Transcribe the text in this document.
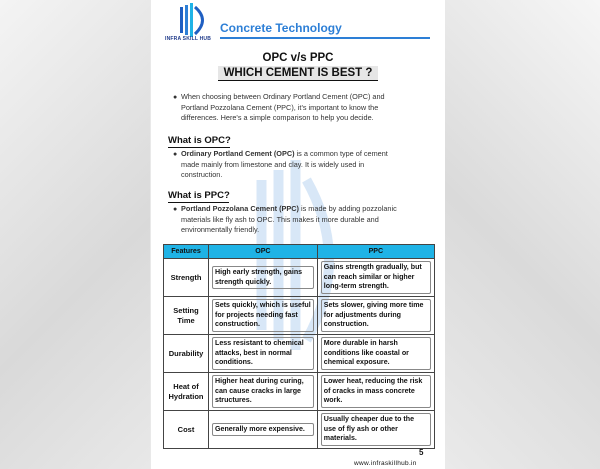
INFRA SKILL HUB
Concrete Technology
OPC v/s PPC
WHICH CEMENT IS BEST ?
● When choosing between Ordinary Portland Cement (OPC) and
Portland Pozzolana Cement (PPC), it's important to know the
differences. Here's a simple comparison to help you decide.
What is OPC?
● Ordinary Portland Cement (OPC) is a common type of cement
made mainly from limestone and clay. It is widely used in
construction.
What is PPC?
● Portland Pozzolana Cement (PPC) is made by adding pozzolanic
materials like fly ash to OPC. This makes it more durable and
environmentally friendly.
Features	OPC	PPC
Strength	High early strength, gains strength quickly.	Gains strength gradually, but can reach similar or higher long-term strength.

Setting Time	Sets quickly, which is useful for projects needing fast construction.	Sets slower, giving more time for adjustments during construction.

Durability	Less resistant to chemical attacks, best in normal conditions.	More durable in harsh conditions like coastal or chemical exposure.

Heat of Hydration	Higher heat during curing, can cause cracks in large structures.	Lower heat, reducing the risk of cracks in mass concrete work.

Cost	Generally more expensive.	Usually cheaper due to the use of fly ash or other materials.
5
www.infraskillhub.in
